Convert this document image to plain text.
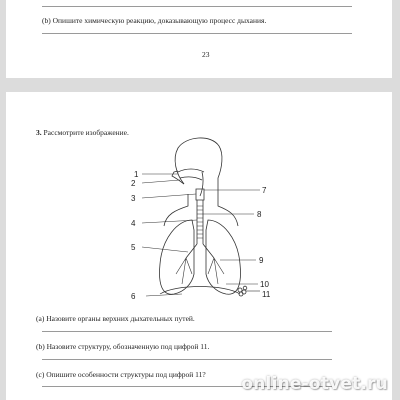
(b) Опишите химическую реакцию, доказывающую процесс дыхания.
23
3. Рассмотрите изображение.
1
2
3
4
5
6
7
8
9
10
11
(a) Назовите органы верхних дыхательных путей.
(b) Назовите структуру, обозначенную под цифрой 11.
(c) Опишите особенности структуры под цифрой 11? online-otvet.ru
